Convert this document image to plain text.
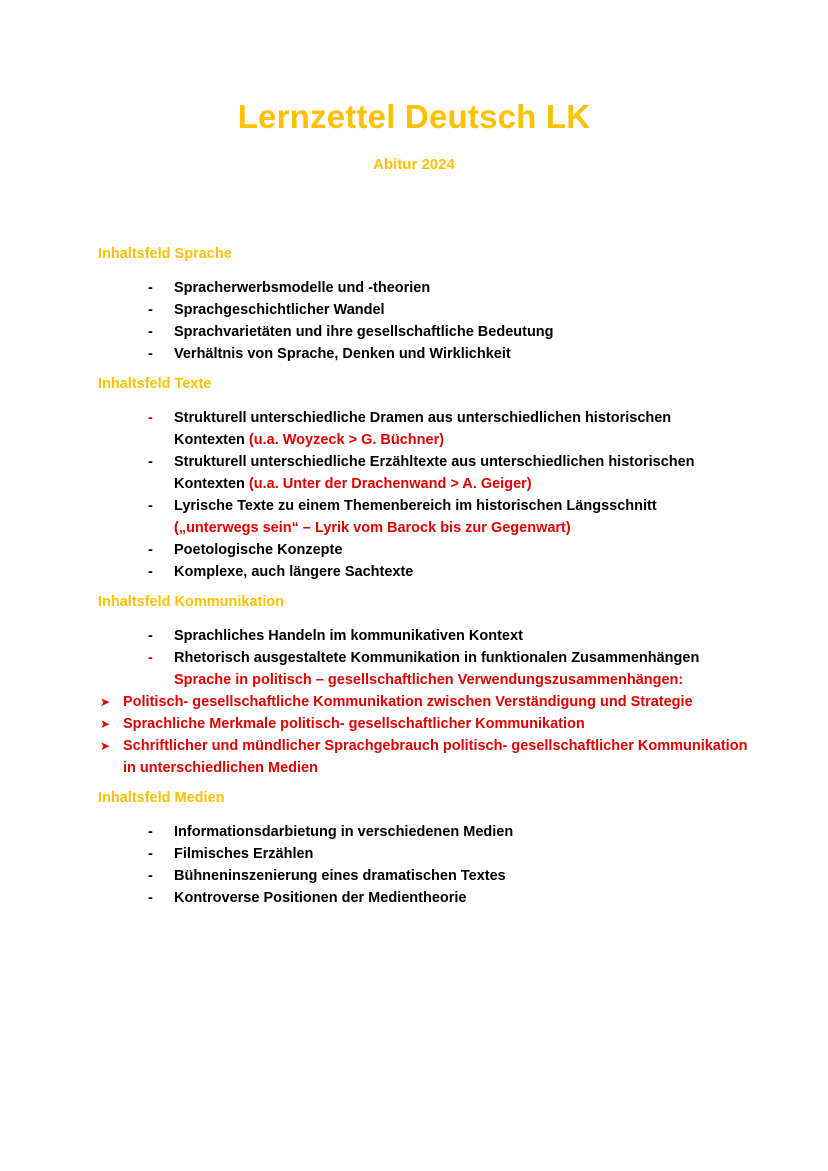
Lernzettel Deutsch LK
Abitur 2024
Inhaltsfeld Sprache
- Spracherwerbsmodelle und -theorien
- Sprachgeschichtlicher Wandel
- Sprachvarietäten und ihre gesellschaftliche Bedeutung
- Verhältnis von Sprache, Denken und Wirklichkeit
Inhaltsfeld Texte
- Strukturell unterschiedliche Dramen aus unterschiedlichen historischen Kontexten (u.a. Woyzeck > G. Büchner)
- Strukturell unterschiedliche Erzähltexte aus unterschiedlichen historischen Kontexten (u.a. Unter der Drachenwand > A. Geiger)
- Lyrische Texte zu einem Themenbereich im historischen Längsschnitt („unterwegs sein“ – Lyrik vom Barock bis zur Gegenwart)
- Poetologische Konzepte
- Komplexe, auch längere Sachtexte
Inhaltsfeld Kommunikation
- Sprachliches Handeln im kommunikativen Kontext
- Rhetorisch ausgestaltete Kommunikation in funktionalen Zusammenhängen
Sprache in politisch – gesellschaftlichen Verwendungszusammenhängen:
➤ Politisch- gesellschaftliche Kommunikation zwischen Verständigung und Strategie
➤ Sprachliche Merkmale politisch- gesellschaftlicher Kommunikation
➤ Schriftlicher und mündlicher Sprachgebrauch politisch- gesellschaftlicher Kommunikation in unterschiedlichen Medien
Inhaltsfeld Medien
- Informationsdarbietung in verschiedenen Medien
- Filmisches Erzählen
- Bühneninszenierung eines dramatischen Textes
- Kontroverse Positionen der Medientheorie
